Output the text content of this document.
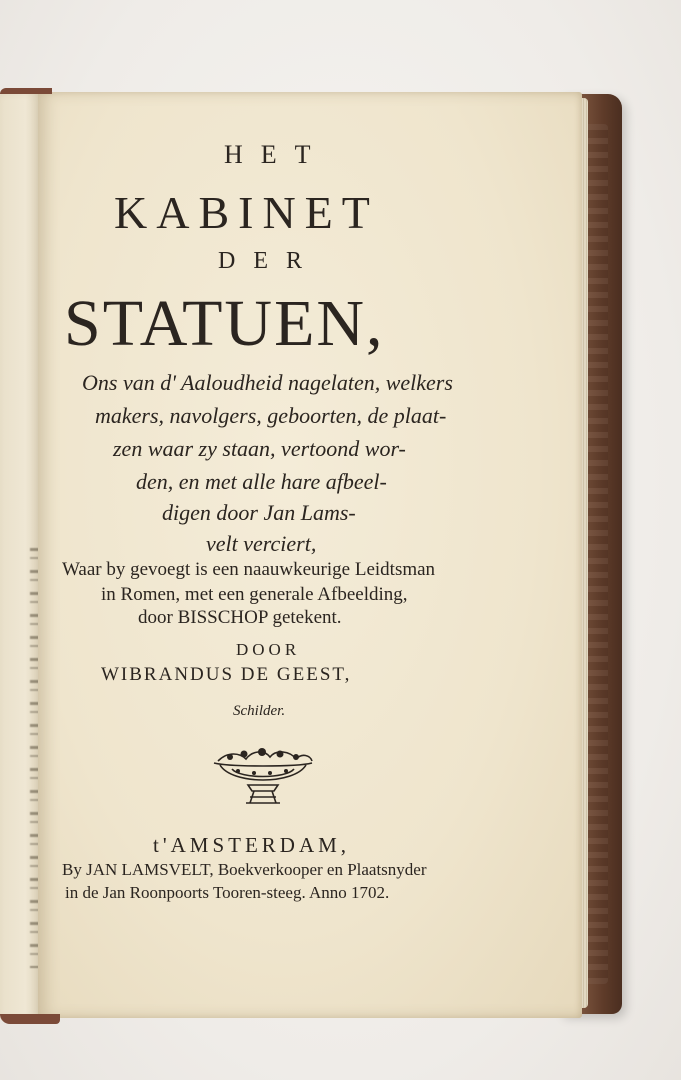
HET
KABINET
DER
STATUEN,
Ons van d' Aaloudheid nagelaten, welkers
makers, navolgers, geboorten, de plaat-
zen waar zy staan, vertoond wor-
den, en met alle hare afbeel-
digen door Jan Lams-
velt verciert,
Waar by gevoegt is een naauwkeurige Leidtsman
in Romen, met een generale Afbeelding,
door BISSCHOP getekent.
DOOR
WIBRANDUS DE GEEST,
Schilder.
t'AMSTERDAM,
By JAN LAMSVELT, Boekverkooper en Plaatsnyder
in de Jan Roonpoorts Tooren-steeg. Anno 1702.
